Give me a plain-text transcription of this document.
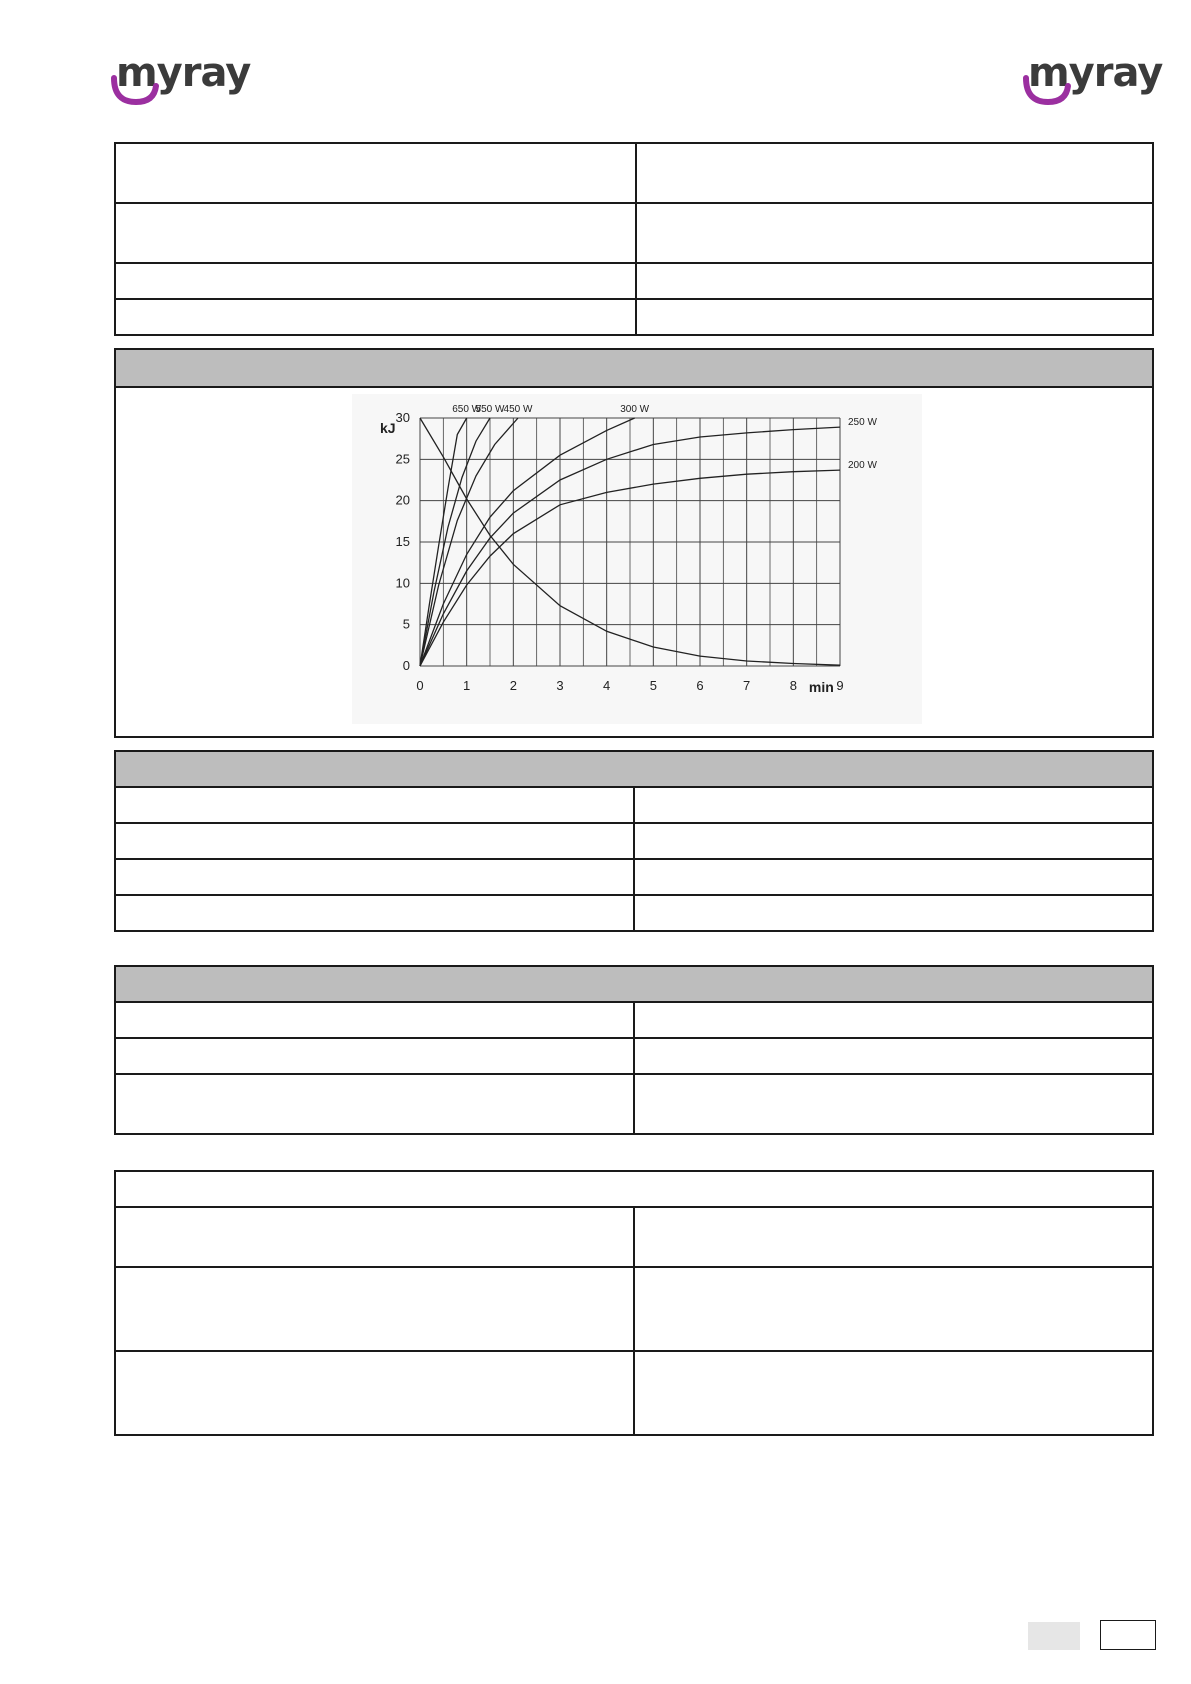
myray	myray

0
5
10
15
20
25
30
0	1	2	3	4	5	6	7	8	9
kJ
min
650 W
550 W 450 W	300 W
250 W
200 W
